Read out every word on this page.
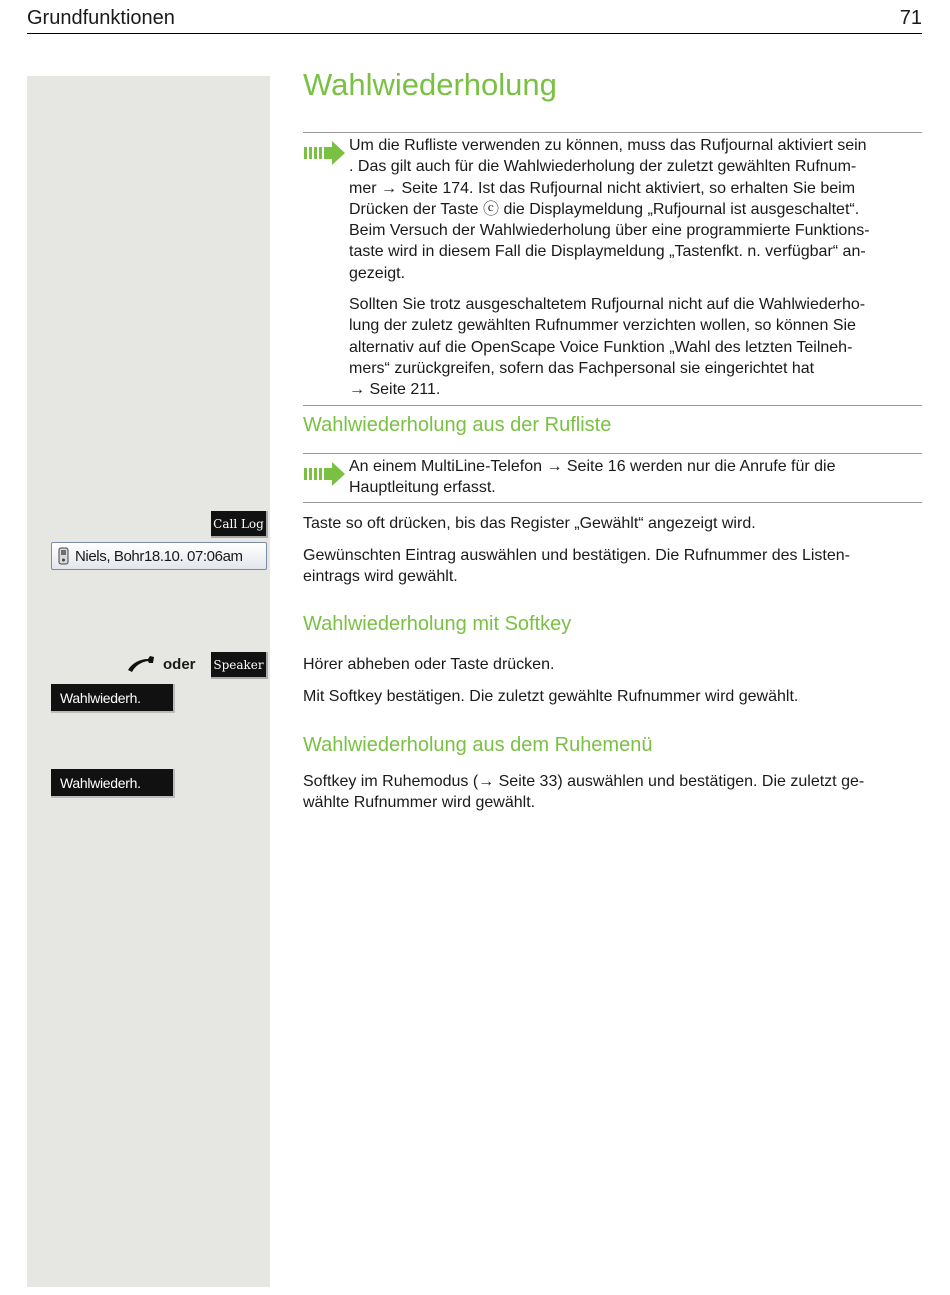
Grundfunktionen	71
Wahlwiederholung
Um die Rufliste verwenden zu können, muss das Rufjournal aktiviert sein
. Das gilt auch für die Wahlwiederholung der zuletzt gewählten Rufnum-
mer → Seite 174. Ist das Rufjournal nicht aktiviert, so erhalten Sie beim
Drücken der Taste ⓒ die Displaymeldung „Rufjournal ist ausgeschaltet“.
Beim Versuch der Wahlwiederholung über eine programmierte Funktions-
taste wird in diesem Fall die Displaymeldung „Tastenfkt. n. verfügbar“ an-
gezeigt.
Sollten Sie trotz ausgeschaltetem Rufjournal nicht auf die Wahlwiederho-
lung der zuletz gewählten Rufnummer verzichten wollen, so können Sie
alternativ auf die OpenScape Voice Funktion „Wahl des letzten Teilneh-
mers“ zurückgreifen, sofern das Fachpersonal sie eingerichtet hat
→ Seite 211.
Wahlwiederholung aus der Rufliste
An einem MultiLine-Telefon → Seite 16 werden nur die Anrufe für die
Hauptleitung erfasst.
Call Log Taste so oft drücken, bis das Register „Gewählt“ angezeigt wird.
Niels, Bohr18.10. 07:06am	Gewünschten Eintrag auswählen und bestätigen. Die Rufnummer des Listen-
eintrags wird gewählt.
Wahlwiederholung mit Softkey
oder Speaker Hörer abheben oder Taste drücken.
Wahlwiederh.	Mit Softkey bestätigen. Die zuletzt gewählte Rufnummer wird gewählt.
Wahlwiederholung aus dem Ruhemenü
Wahlwiederh.	Softkey im Ruhemodus (→ Seite 33) auswählen und bestätigen. Die zuletzt ge-
wählte Rufnummer wird gewählt.
